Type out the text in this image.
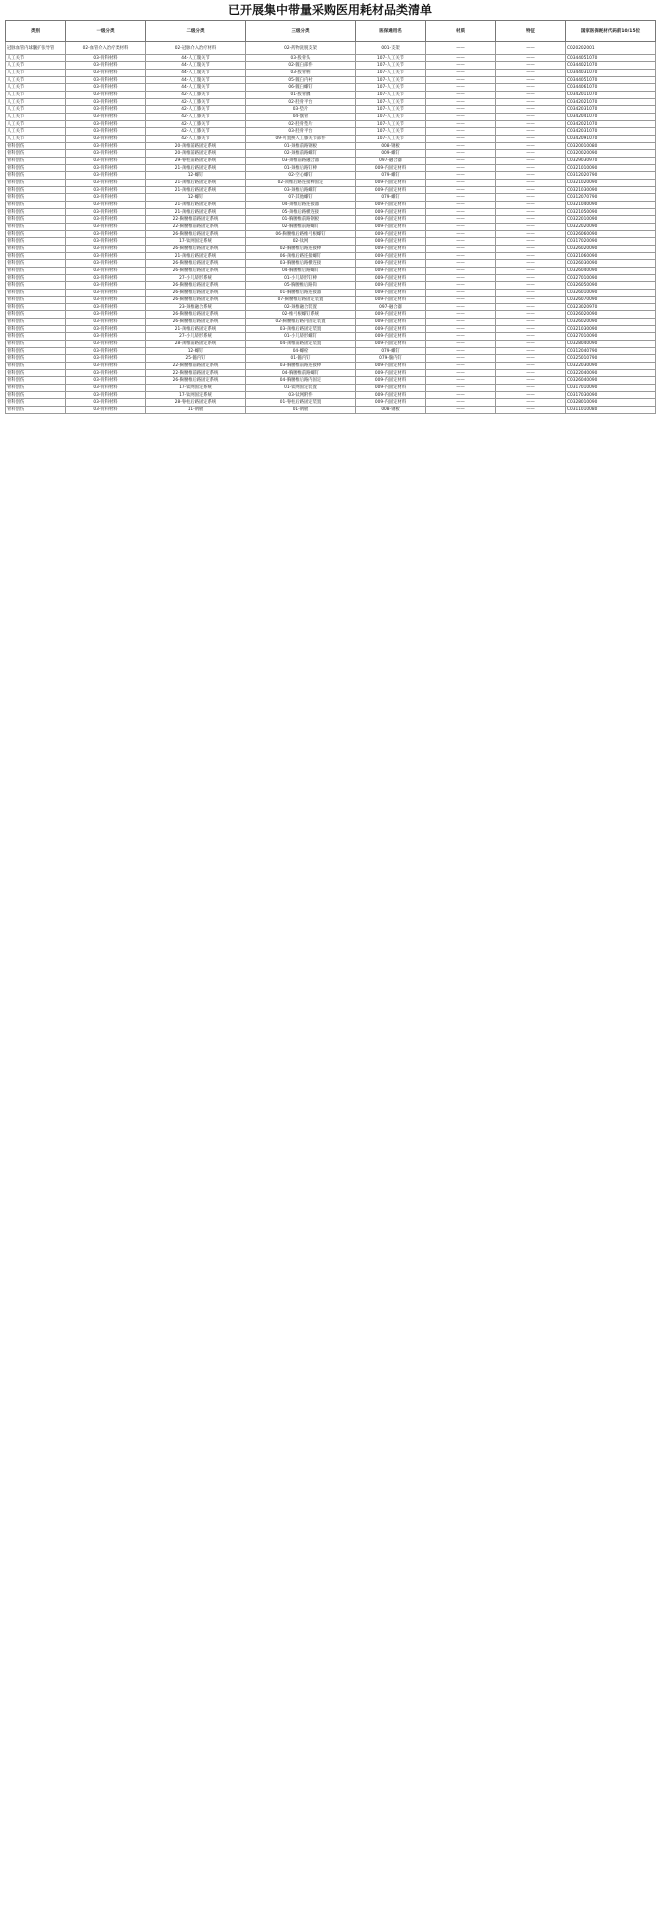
已开展集中带量采购医用耗材品类清单
类别	一级分类	二级分类	三级分类	医保通用名	材质	特征	国家医保耗材代码前10/15位
冠脉血管内球囊扩张导管	02-血管介入治疗类材料	02-冠脉介入治疗材料	02-药物洗脱支架	001-支架	——	——	C020202001
人工关节	03-骨科材料	44-人工髋关节	03-股骨头	107-人工关节	——	——	C0344051070
人工关节	03-骨科材料	44-人工髋关节	02-髋臼部件	107-人工关节	——	——	C0344021070
人工关节	03-骨科材料	44-人工髋关节	03-股骨柄	107-人工关节	——	——	C0344031070
人工关节	03-骨科材料	44-人工髋关节	05-髋臼内衬	107-人工关节	——	——	C0344051070
人工关节	03-骨科材料	44-人工髋关节	06-髋臼螺钉	107-人工关节	——	——	C0344061070
人工关节	03-骨科材料	42-人工膝关节	01-股骨髁	107-人工关节	——	——	C0342011070
人工关节	03-骨科材料	42-人工膝关节	02-胫骨平台	107-人工关节	——	——	C0342021070
人工关节	03-骨科材料	42-人工膝关节	03-垫片	107-人工关节	——	——	C0342031070
人工关节	03-骨科材料	42-人工膝关节	04-髌骨	107-人工关节	——	——	C0342041070
人工关节	03-骨科材料	42-人工膝关节	02-胫骨垫片	107-人工关节	——	——	C0342021070
人工关节	03-骨科材料	42-人工膝关节	03-胫骨平台	107-人工关节	——	——	C0342031070
人工关节	03-骨科材料	42-人工膝关节	09-可置换人工膝关节部件	107-人工关节	——	——	C0342091070
骨科创伤	03-骨科材料	20-颈椎前路固定系统	01-颈椎前路钢板	008-钢板	——	——	C0320010080
骨科创伤	03-骨科材料	20-颈椎前路固定系统	02-颈椎前路螺钉	009-螺钉	——	——	C0320020090
骨科创伤	03-骨科材料	29-脊柱前路固定系统	03-颈椎前路融合器	097-融合器	——	——	C0329030970
骨科创伤	03-骨科材料	21-颈椎后路固定系统	01-颈椎后路钉棒	009-内固定材料	——	——	C0321010090
骨科创伤	03-骨科材料	12-螺钉	02-空心螺钉	079-螺钉	——	——	C0312020790
骨科创伤	03-骨科材料	21-颈椎后路固定系统	02-颈椎后路连接棒固定	009-内固定材料	——	——	C0321020090
骨科创伤	03-骨科材料	21-颈椎后路固定系统	03-颈椎后路螺钉	009-内固定材料	——	——	C0321030090
骨科创伤	03-骨科材料	12-螺钉	07-其他螺钉	079-螺钉	——	——	C0312070790
骨科创伤	03-骨科材料	21-颈椎后路固定系统	04-颈椎后路连接器	009-内固定材料	——	——	C0321040090
骨科创伤	03-骨科材料	21-颈椎后路固定系统	05-颈椎后路横连接	009-内固定材料	——	——	C0321050090
骨科创伤	03-骨科材料	22-胸腰椎前路固定系统	01-胸腰椎前路钢板	009-内固定材料	——	——	C0322010090
骨科创伤	03-骨科材料	22-胸腰椎前路固定系统	02-胸腰椎前路螺钉	009-内固定材料	——	——	C0322020090
骨科创伤	03-骨科材料	26-胸腰椎后路固定系统	06-胸腰椎后路椎弓根螺钉	009-内固定材料	——	——	C0326060090
骨科创伤	03-骨科材料	17-钛网固定系统	02-钛网	009-内固定材料	——	——	C0317020090
骨科创伤	03-骨科材料	26-胸腰椎后路固定系统	02-胸腰椎后路连接棒	009-内固定材料	——	——	C0326020090
骨科创伤	03-骨科材料	21-颈椎后路固定系统	06-颈椎后路连接螺钉	009-内固定材料	——	——	C0321060090
骨科创伤	03-骨科材料	26-胸腰椎后路固定系统	03-胸腰椎后路横连接	009-内固定材料	——	——	C0326030090
骨科创伤	03-骨科材料	26-胸腰椎后路固定系统	04-胸腰椎后路螺钉	009-内固定材料	——	——	C0326040090
骨科创伤	03-骨科材料	27-小儿矫形系统	01-小儿矫形钉棒	009-内固定材料	——	——	C0327010090
骨科创伤	03-骨科材料	26-胸腰椎后路固定系统	05-胸腰椎后路钩	009-内固定材料	——	——	C0326050090
骨科创伤	03-骨科材料	26-胸腰椎后路固定系统	01-胸腰椎后路连接器	009-内固定材料	——	——	C0326010090
骨科创伤	03-骨科材料	26-胸腰椎后路固定系统	07-胸腰椎后路固定装置	009-内固定材料	——	——	C0326070090
骨科创伤	03-骨科材料	23-颈椎融合系统	02-颈椎融合装置	097-融合器	——	——	C0323020970
骨科创伤	03-骨科材料	26-胸腰椎后路固定系统	02-椎弓根螺钉系统	009-内固定材料	——	——	C0326020090
骨科创伤	03-骨科材料	26-胸腰椎后路固定系统	02-胸腰椎后路内固定装置	009-内固定材料	——	——	C0326020090
骨科创伤	03-骨科材料	21-颈椎后路固定系统	03-颈椎后路固定装置	009-内固定材料	——	——	C0321030090
骨科创伤	03-骨科材料	27-小儿矫形系统	01-小儿矫形螺钉	009-内固定材料	——	——	C0327010090
骨科创伤	03-骨科材料	28-颈椎前路固定系统	04-颈椎前路固定装置	009-内固定材料	——	——	C0328040090
骨科创伤	03-骨科材料	12-螺钉	04-螺栓	079-螺钉	——	——	C0312040790
骨科创伤	03-骨科材料	25-髓内钉	01-髓内钉	079-髓内钉	——	——	C0325010790
骨科创伤	03-骨科材料	22-胸腰椎前路固定系统	03-胸腰椎前路连接棒	009-内固定材料	——	——	C0322030090
骨科创伤	03-骨科材料	22-胸腰椎前路固定系统	04-胸腰椎前路螺钉	009-内固定材料	——	——	C0322040090
骨科创伤	03-骨科材料	26-胸腰椎后路固定系统	04-胸腰椎后路内固定	009-内固定材料	——	——	C0326040090
骨科创伤	03-骨科材料	17-钛网固定系统	01-钛网固定装置	009-内固定材料	——	——	C0317010090
骨科创伤	03-骨科材料	17-钛网固定系统	03-钛网附件	009-内固定材料	——	——	C0317030090
骨科创伤	03-骨科材料	28-脊柱后路固定系统	01-脊柱后路固定装置	009-内固定材料	——	——	C0328010090
骨科创伤	03-骨科材料	11-钢板	01-钢板	008-钢板	——	——	C0311010080
